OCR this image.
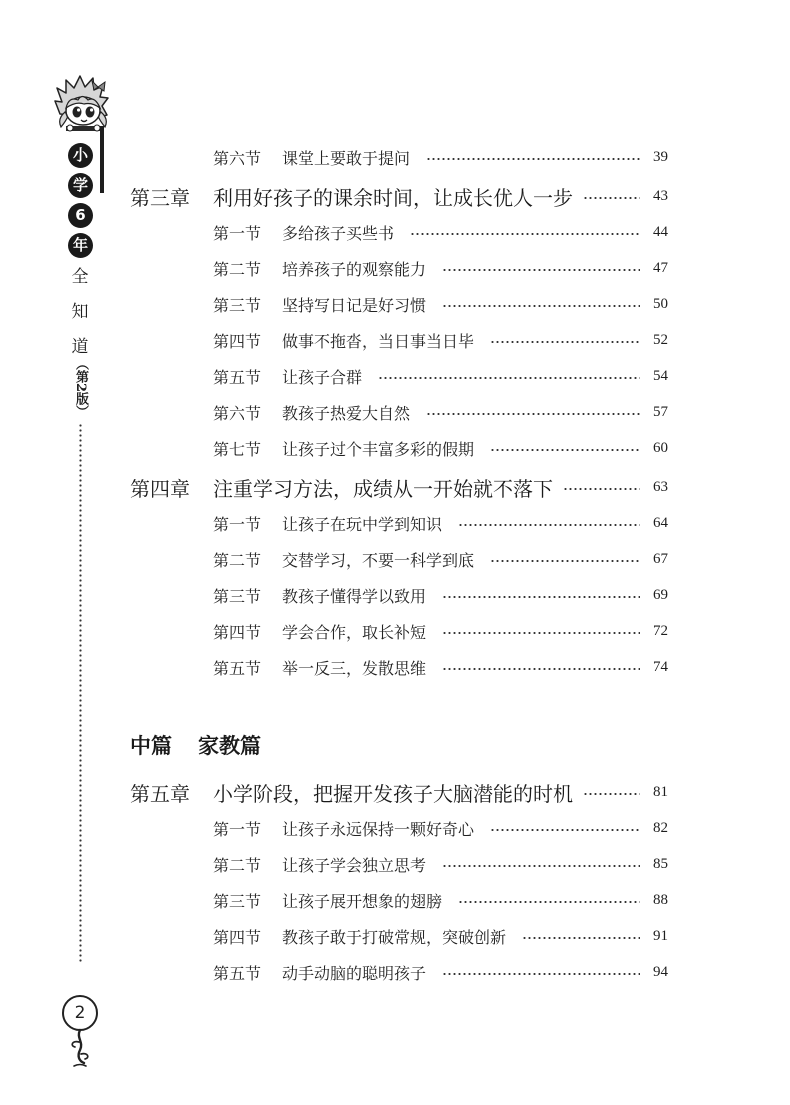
小
学
6
年
全
知
道
（第2版）
2
第六节	课堂上要敢于提问	39
第三章	利用好孩子的课余时间，让成长优人一步	43
第一节	多给孩子买些书	44
第二节	培养孩子的观察能力	47
第三节	坚持写日记是好习惯	50
第四节	做事不拖沓，当日事当日毕	52
第五节	让孩子合群	54
第六节	教孩子热爱大自然	57
第七节	让孩子过个丰富多彩的假期	60
第四章	注重学习方法，成绩从一开始就不落下	63
第一节	让孩子在玩中学到知识	64
第二节	交替学习，不要一科学到底	67
第三节	教孩子懂得学以致用	69
第四节	学会合作，取长补短	72
第五节	举一反三，发散思维	74
中篇	家教篇
第五章	小学阶段，把握开发孩子大脑潜能的时机	81
第一节	让孩子永远保持一颗好奇心	82
第二节	让孩子学会独立思考	85
第三节	让孩子展开想象的翅膀	88
第四节	教孩子敢于打破常规，突破创新	91
第五节	动手动脑的聪明孩子	94
